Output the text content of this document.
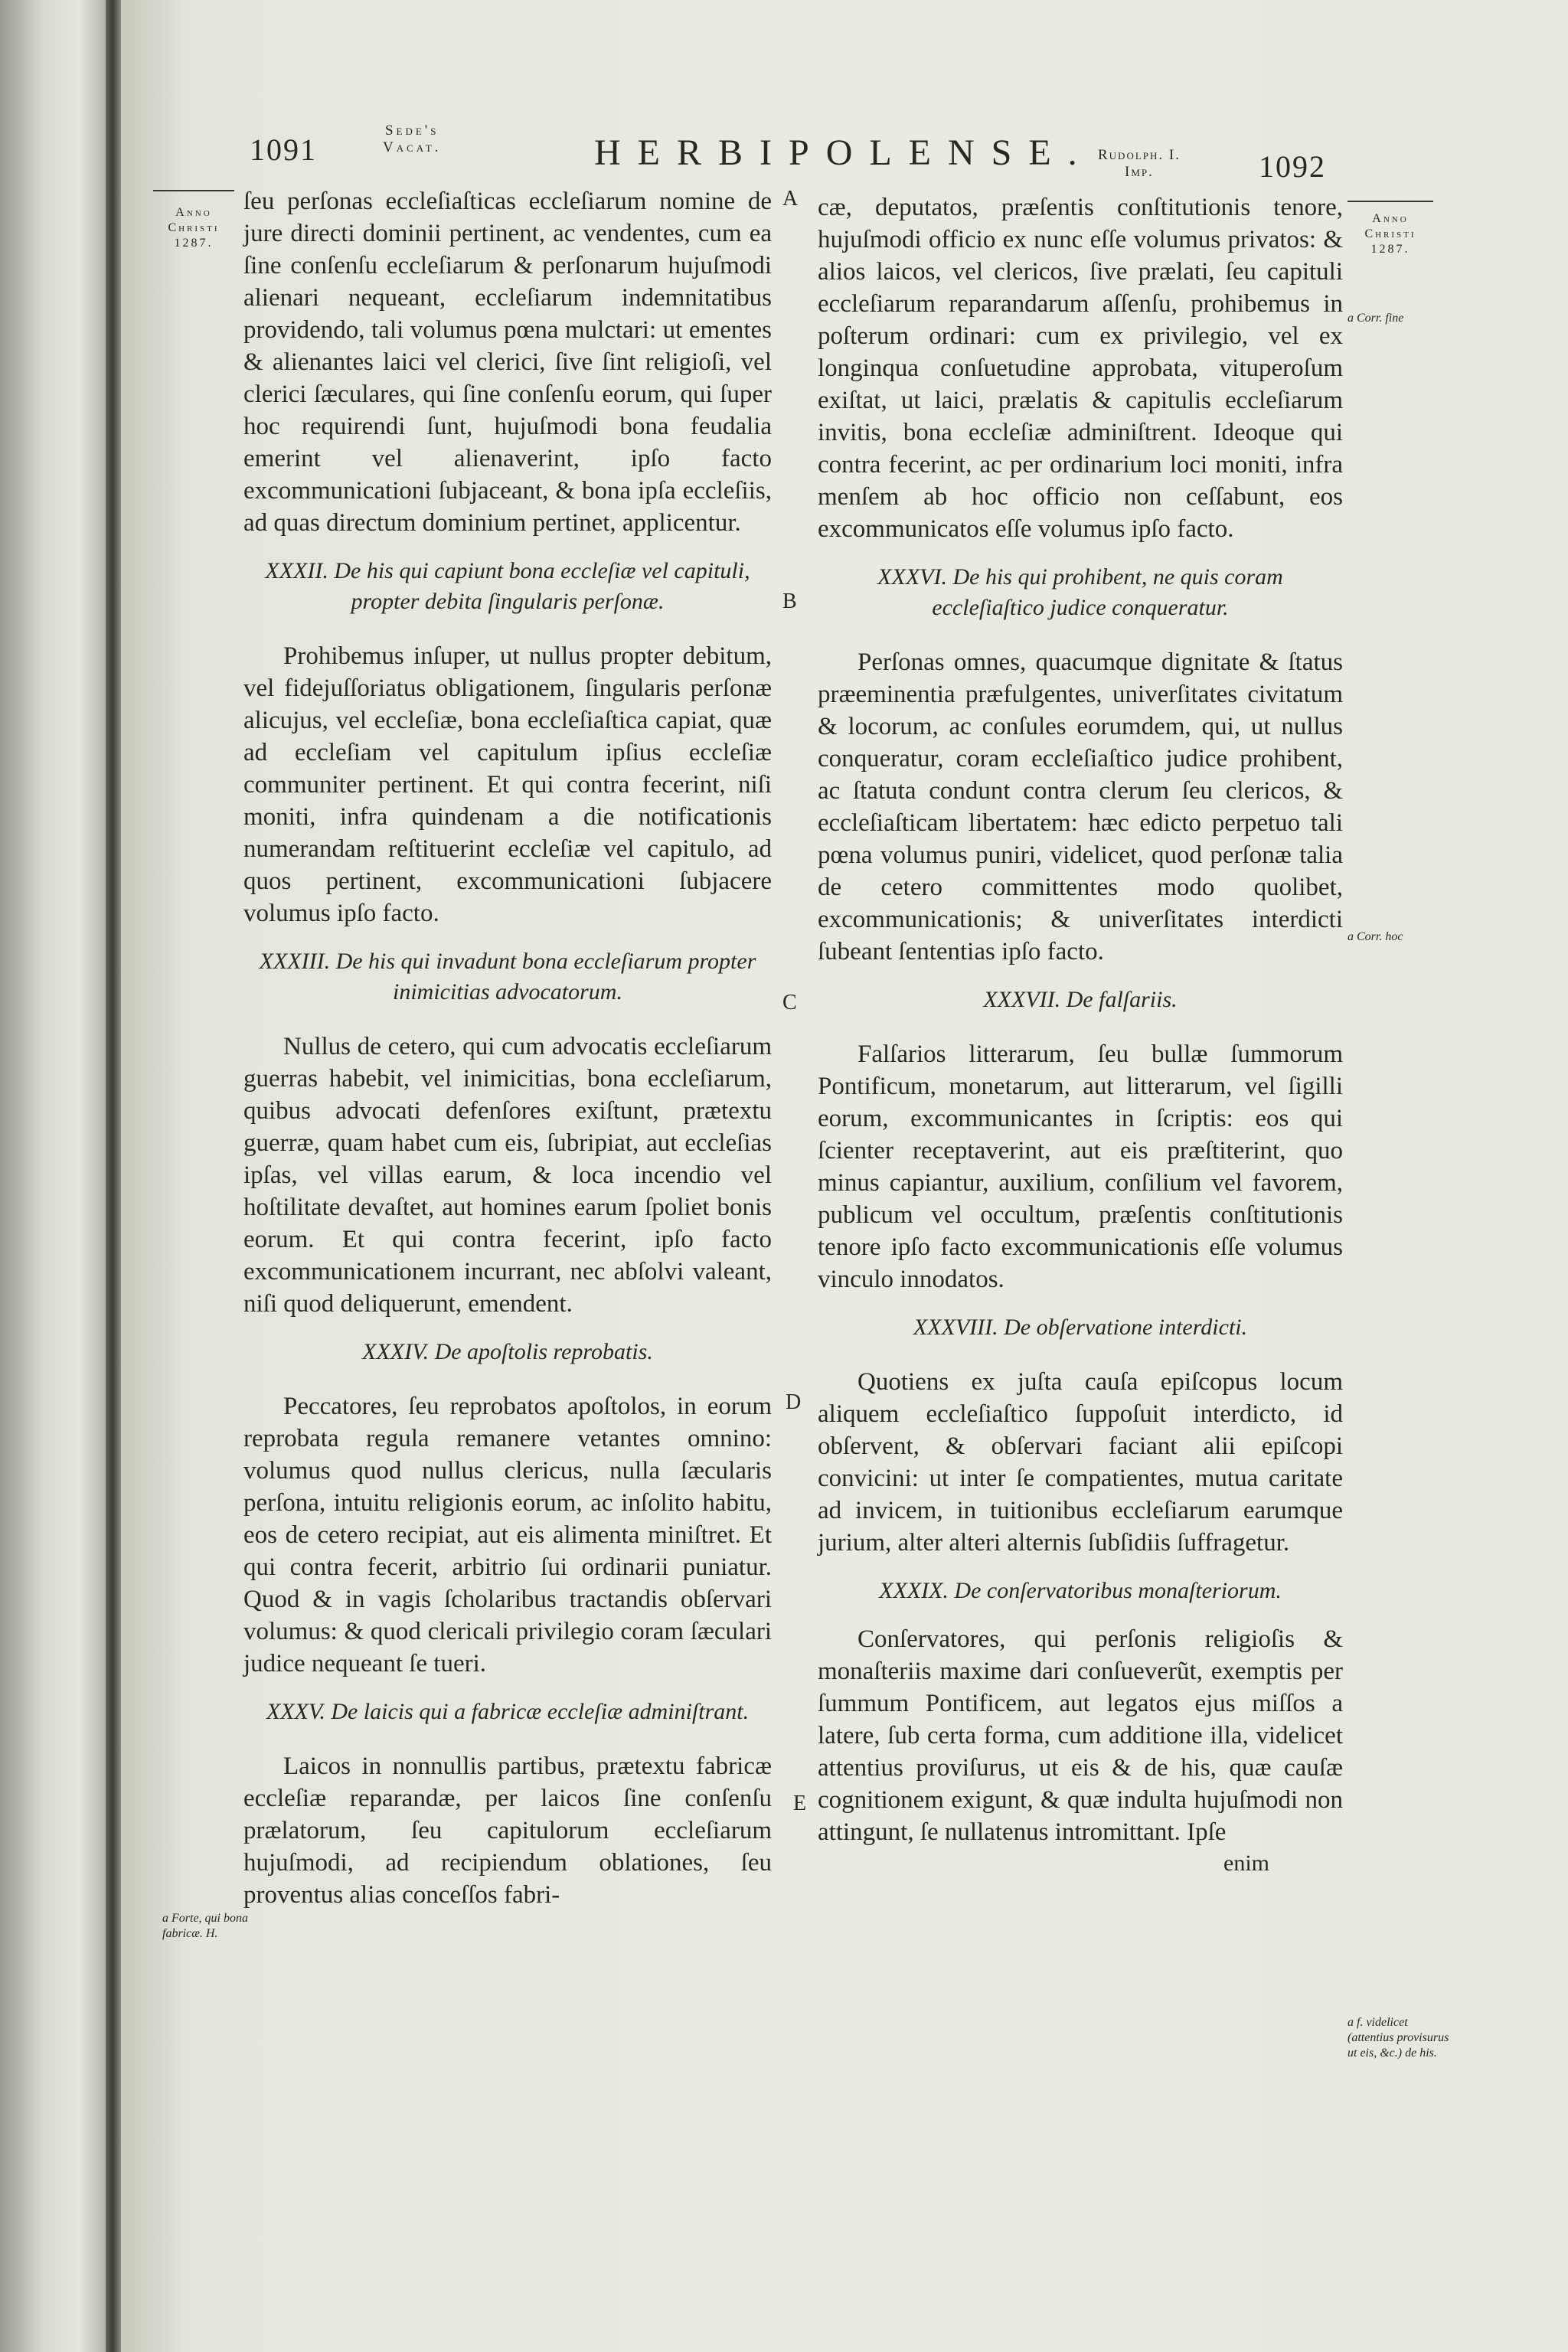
1091
Sede's
Vacat.	HERBIPOLENSE. Rudolph. I.
Imp.	1092
Anno
Christi
1287.
Anno
Christi
1287.
a Forte, qui bona fabricæ. H.
a Corr. fine
a Corr. hoc
a f. videlicet (attentius provisurus ut eis, &c.) de his.
A
B
C
D
E

ſeu perſonas eccleſiaſticas eccleſiarum nomine de jure directi dominii pertinent, ac vendentes, cum ea ſine conſenſu eccleſiarum & perſonarum hujuſmodi alienari nequeant, eccleſiarum indemnitatibus providendo, tali volumus pœna mulctari: ut ementes & alienantes laici vel clerici, ſive ſint religioſi, vel clerici ſæculares, qui ſine conſenſu eorum, qui ſuper hoc requirendi ſunt, hujuſmodi bona feudalia emerint vel alienaverint, ipſo facto excommunicationi ſubjaceant, & bona ipſa eccleſiis, ad quas directum dominium pertinet, applicentur.

XXXII. De his qui capiunt bona eccleſiæ vel capituli, propter debita ſingularis perſonæ.

Prohibemus inſuper, ut nullus propter debitum, vel fidejuſſoriatus obligationem, ſingularis perſonæ alicujus, vel eccleſiæ, bona eccleſiaſtica capiat, quæ ad eccleſiam vel capitulum ipſius eccleſiæ communiter pertinent. Et qui contra fecerint, niſi moniti, infra quindenam a die notificationis numerandam reſtituerint eccleſiæ vel capitulo, ad quos pertinent, excommunicationi ſubjacere volumus ipſo facto.

XXXIII. De his qui invadunt bona eccleſiarum propter inimicitias advocatorum.

Nullus de cetero, qui cum advocatis eccleſiarum guerras habebit, vel inimicitias, bona eccleſiarum, quibus advocati defenſores exiſtunt, prætextu guerræ, quam habet cum eis, ſubripiat, aut eccleſias ipſas, vel villas earum, & loca incendio vel hoſtilitate devaſtet, aut homines earum ſpoliet bonis eorum. Et qui contra fecerint, ipſo facto excommunicationem incurrant, nec abſolvi valeant, niſi quod deliquerunt, emendent.

XXXIV. De apoſtolis reprobatis.

Peccatores, ſeu reprobatos apoſtolos, in eorum reprobata regula remanere vetantes omnino: volumus quod nullus clericus, nulla ſæcularis perſona, intuitu religionis eorum, ac inſolito habitu, eos de cetero recipiat, aut eis alimenta miniſtret. Et qui contra fecerit, arbitrio ſui ordinarii puniatur. Quod & in vagis ſcholaribus tractandis obſervari volumus: & quod clericali privilegio coram ſæculari judice nequeant ſe tueri.

XXXV. De laicis qui a fabricæ eccleſiæ adminiſtrant.

Laicos in nonnullis partibus, prætextu fabricæ eccleſiæ reparandæ, per laicos ſine conſenſu prælatorum, ſeu capitulorum eccleſiarum hujuſmodi, ad recipiendum oblationes, ſeu proventus alias conceſſos fabri-

cæ, deputatos, præſentis conſtitutionis tenore, hujuſmodi officio ex nunc eſſe volumus privatos: & alios laicos, vel clericos, ſive prælati, ſeu capituli eccleſiarum reparandarum aſſenſu, prohibemus in poſterum ordinari: cum ex privilegio, vel ex longinqua conſuetudine approbata, vituperoſum exiſtat, ut laici, prælatis & capitulis eccleſiarum invitis, bona eccleſiæ adminiſtrent. Ideoque qui contra fecerint, ac per ordinarium loci moniti, infra menſem ab hoc officio non ceſſabunt, eos excommunicatos eſſe volumus ipſo facto.

XXXVI. De his qui prohibent, ne quis coram eccleſiaſtico judice conqueratur.

Perſonas omnes, quacumque dignitate & ſtatus præeminentia præfulgentes, univerſitates civitatum & locorum, ac conſules eorumdem, qui, ut nullus conqueratur, coram eccleſiaſtico judice prohibent, ac ſtatuta condunt contra clerum ſeu clericos, & eccleſiaſticam libertatem: hæc edicto perpetuo tali pœna volumus puniri, videlicet, quod perſonæ talia de cetero committentes modo quolibet, excommunicationis; & univerſitates interdicti ſubeant ſententias ipſo facto.

XXXVII. De falſariis.

Falſarios litterarum, ſeu bullæ ſummorum Pontificum, monetarum, aut litterarum, vel ſigilli eorum, excommunicantes in ſcriptis: eos qui ſcienter receptaverint, aut eis præſtiterint, quo minus capiantur, auxilium, conſilium vel favorem, publicum vel occultum, præſentis conſtitutionis tenore ipſo facto excommunicationis eſſe volumus vinculo innodatos.

XXXVIII. De obſervatione interdicti.

Quotiens ex juſta cauſa epiſcopus locum aliquem eccleſiaſtico ſuppoſuit interdicto, id obſervent, & obſervari faciant alii epiſcopi convicini: ut inter ſe compatientes, mutua caritate ad invicem, in tuitionibus eccleſiarum earumque jurium, alter alteri alternis ſubſidiis ſuffragetur.

XXXIX. De conſervatoribus monaſteriorum.

Conſervatores, qui perſonis religioſis & monaſteriis maxime dari conſueverũt, exemptis per ſummum Pontificem, aut legatos ejus miſſos a latere, ſub certa forma, cum additione illa, videlicet attentius proviſurus, ut eis & de his, quæ cauſæ cognitionem exigunt, & quæ indulta hujuſmodi non attingunt, ſe nullatenus intromittant. Ipſe

enim
